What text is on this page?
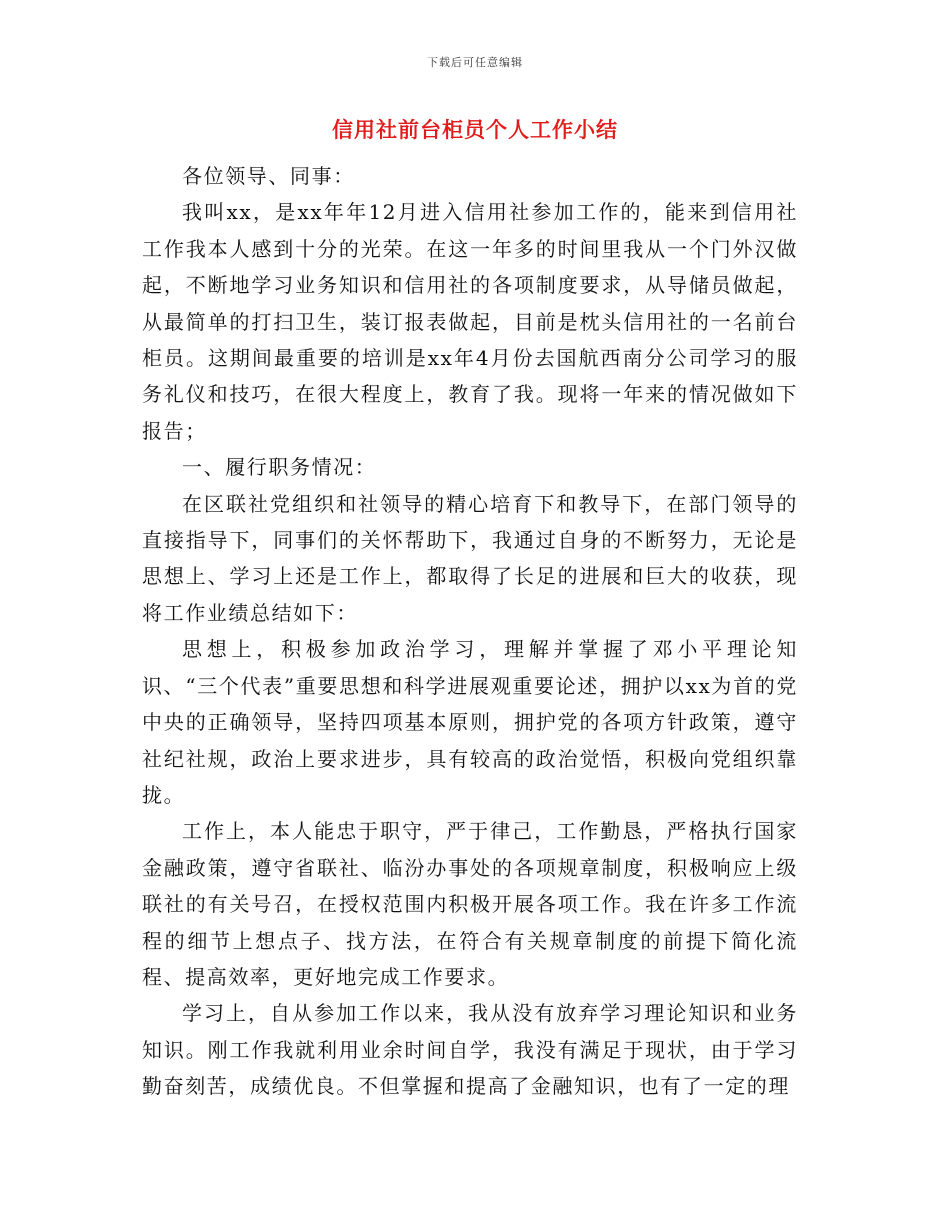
下载后可任意编辑
信用社前台柜员个人工作小结

各位领导、同事：

我叫xx，是xx年年12月进入信用社参加工作的，能来到信用社工作我本人感到十分的光荣。在这一年多的时间里我从一个门外汉做起，不断地学习业务知识和信用社的各项制度要求，从导储员做起，从最简单的打扫卫生，装订报表做起，目前是枕头信用社的一名前台柜员。这期间最重要的培训是xx年4月份去国航西南分公司学习的服务礼仪和技巧，在很大程度上，教育了我。现将一年来的情况做如下报告；

一、履行职务情况：

在区联社党组织和社领导的精心培育下和教导下，在部门领导的直接指导下，同事们的关怀帮助下，我通过自身的不断努力，无论是思想上、学习上还是工作上，都取得了长足的进展和巨大的收获，现将工作业绩总结如下：

思想上，积极参加政治学习，理解并掌握了邓小平理论知识、“三个代表”重要思想和科学进展观重要论述，拥护以xx为首的党中央的正确领导，坚持四项基本原则，拥护党的各项方针政策，遵守社纪社规，政治上要求进步，具有较高的政治觉悟，积极向党组织靠拢。

工作上，本人能忠于职守，严于律己，工作勤恳，严格执行国家金融政策，遵守省联社、临汾办事处的各项规章制度，积极响应上级联社的有关号召，在授权范围内积极开展各项工作。我在许多工作流程的细节上想点子、找方法，在符合有关规章制度的前提下简化流程、提高效率，更好地完成工作要求。

学习上，自从参加工作以来，我从没有放弃学习理论知识和业务知识。刚工作我就利用业余时间自学，我没有满足于现状，由于学习勤奋刻苦，成绩优良。不但掌握和提高了金融知识，也有了一定的理
